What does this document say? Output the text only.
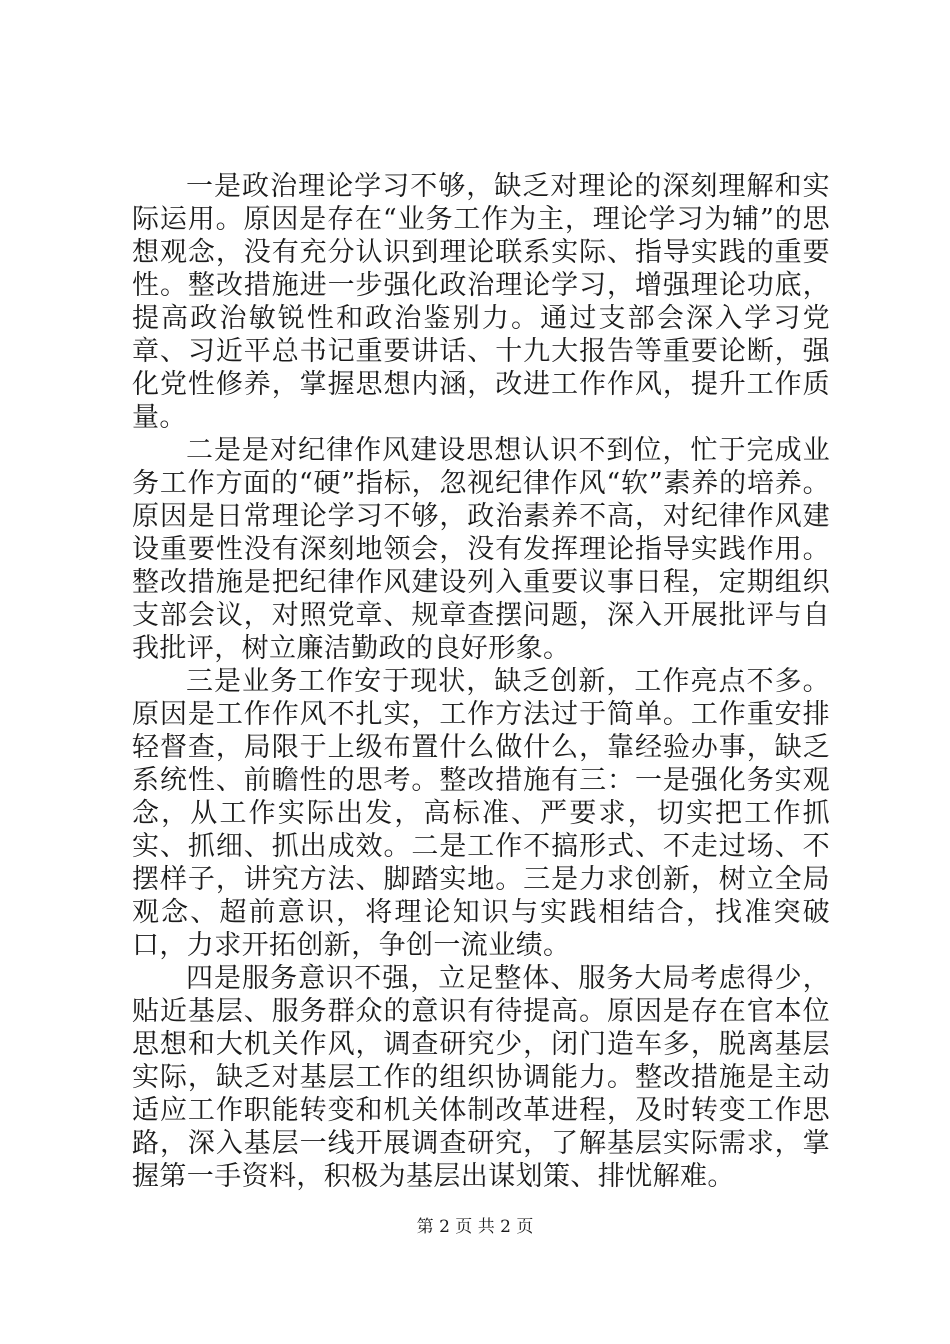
一是政治理论学习不够，缺乏对理论的深刻理解和实际运用。原因是存在“业务工作为主，理论学习为辅”的思想观念，没有充分认识到理论联系实际、指导实践的重要性。整改措施进一步强化政治理论学习，增强理论功底，提高政治敏锐性和政治鉴别力。通过支部会深入学习党章、习近平总书记重要讲话、十九大报告等重要论断，强化党性修养，掌握思想内涵，改进工作作风，提升工作质量。

二是是对纪律作风建设思想认识不到位，忙于完成业务工作方面的“硬”指标，忽视纪律作风“软”素养的培养。原因是日常理论学习不够，政治素养不高，对纪律作风建设重要性没有深刻地领会，没有发挥理论指导实践作用。整改措施是把纪律作风建设列入重要议事日程，定期组织支部会议，对照党章、规章查摆问题，深入开展批评与自我批评，树立廉洁勤政的良好形象。

三是业务工作安于现状，缺乏创新，工作亮点不多。原因是工作作风不扎实，工作方法过于简单。工作重安排轻督查，局限于上级布置什么做什么，靠经验办事，缺乏系统性、前瞻性的思考。整改措施有三：一是强化务实观念，从工作实际出发，高标准、严要求，切实把工作抓实、抓细、抓出成效。二是工作不搞形式、不走过场、不摆样子，讲究方法、脚踏实地。三是力求创新，树立全局观念、超前意识，将理论知识与实践相结合，找准突破口，力求开拓创新，争创一流业绩。

四是服务意识不强，立足整体、服务大局考虑得少，贴近基层、服务群众的意识有待提高。原因是存在官本位思想和大机关作风，调查研究少，闭门造车多，脱离基层实际，缺乏对基层工作的组织协调能力。整改措施是主动适应工作职能转变和机关体制改革进程，及时转变工作思路，深入基层一线开展调查研究，了解基层实际需求，掌握第一手资料，积极为基层出谋划策、排忧解难。

第 2 页 共 2 页
